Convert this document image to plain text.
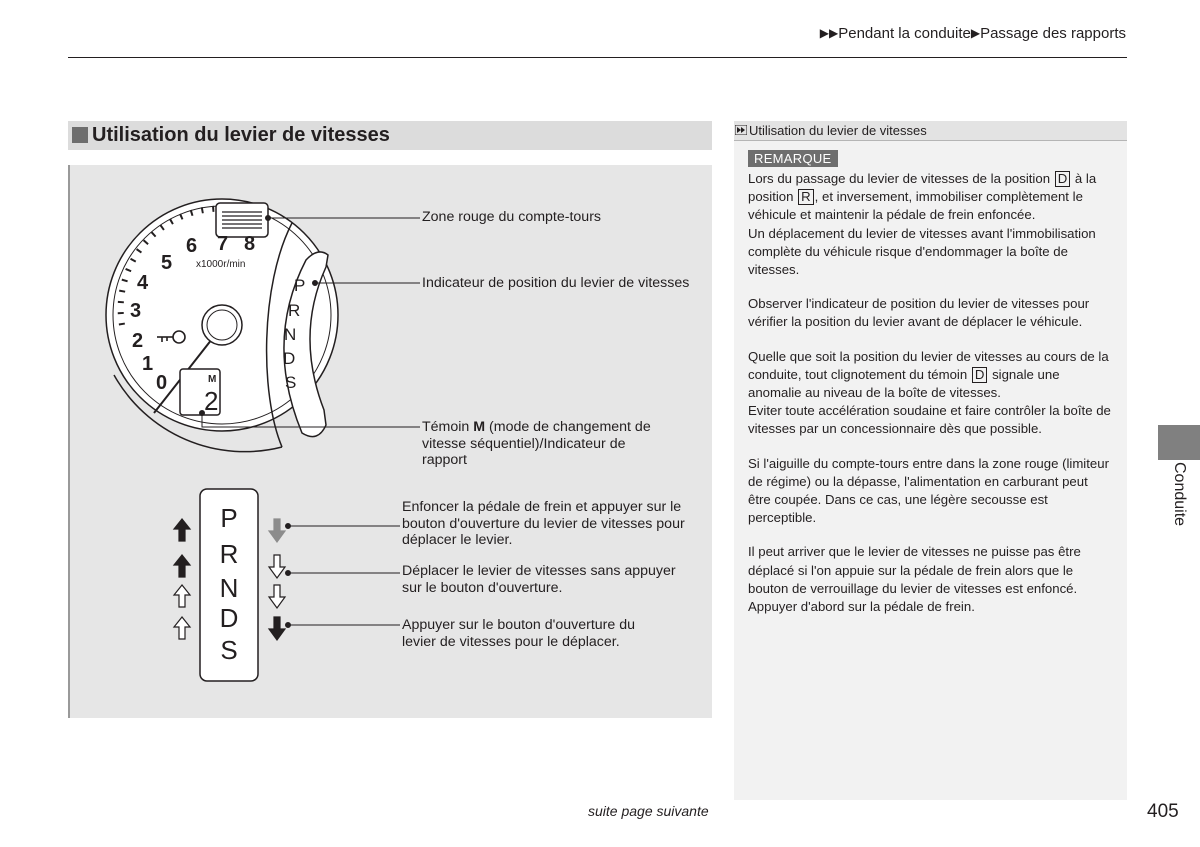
▶▶Pendant la conduite▶Passage des rapports
Utilisation du levier de vitesses
0
1
2
3
4
5
6 7 8
x1000r/min
M
2
P
R
N
D
S
P
R
N
D
S
Zone rouge du compte-tours
Indicateur de position du levier de vitesses
Témoin M (mode de changement de vitesse séquentiel)/Indicateur de rapport
Enfoncer la pédale de frein et appuyer sur le bouton d'ouverture du levier de vitesses pour déplacer le levier.
Déplacer le levier de vitesses sans appuyer sur le bouton d'ouverture.
Appuyer sur le bouton d'ouverture du levier de vitesses pour le déplacer.
Utilisation du levier de vitesses
REMARQUE

Lors du passage du levier de vitesses de la position D à la position R , et inversement, immobiliser complètement le véhicule et maintenir la pédale de frein enfoncée.
Un déplacement du levier de vitesses avant l'immobilisation complète du véhicule risque d'endommager la boîte de vitesses.

Observer l'indicateur de position du levier de vitesses pour vérifier la position du levier avant de déplacer le véhicule.

Quelle que soit la position du levier de vitesses au cours de la conduite, tout clignotement du témoin D signale une anomalie au niveau de la boîte de vitesses.
Eviter toute accélération soudaine et faire contrôler la boîte de vitesses par un concessionnaire dès que possible.

Si l'aiguille du compte-tours entre dans la zone rouge (limiteur de régime) ou la dépasse, l'alimentation en carburant peut être coupée. Dans ce cas, une légère secousse est perceptible.

Il peut arriver que le levier de vitesses ne puisse pas être déplacé si l'on appuie sur la pédale de frein alors que le bouton de verrouillage du levier de vitesses est enfoncé. Appuyer d'abord sur la pédale de frein.

Conduite
suite page suivante	405
